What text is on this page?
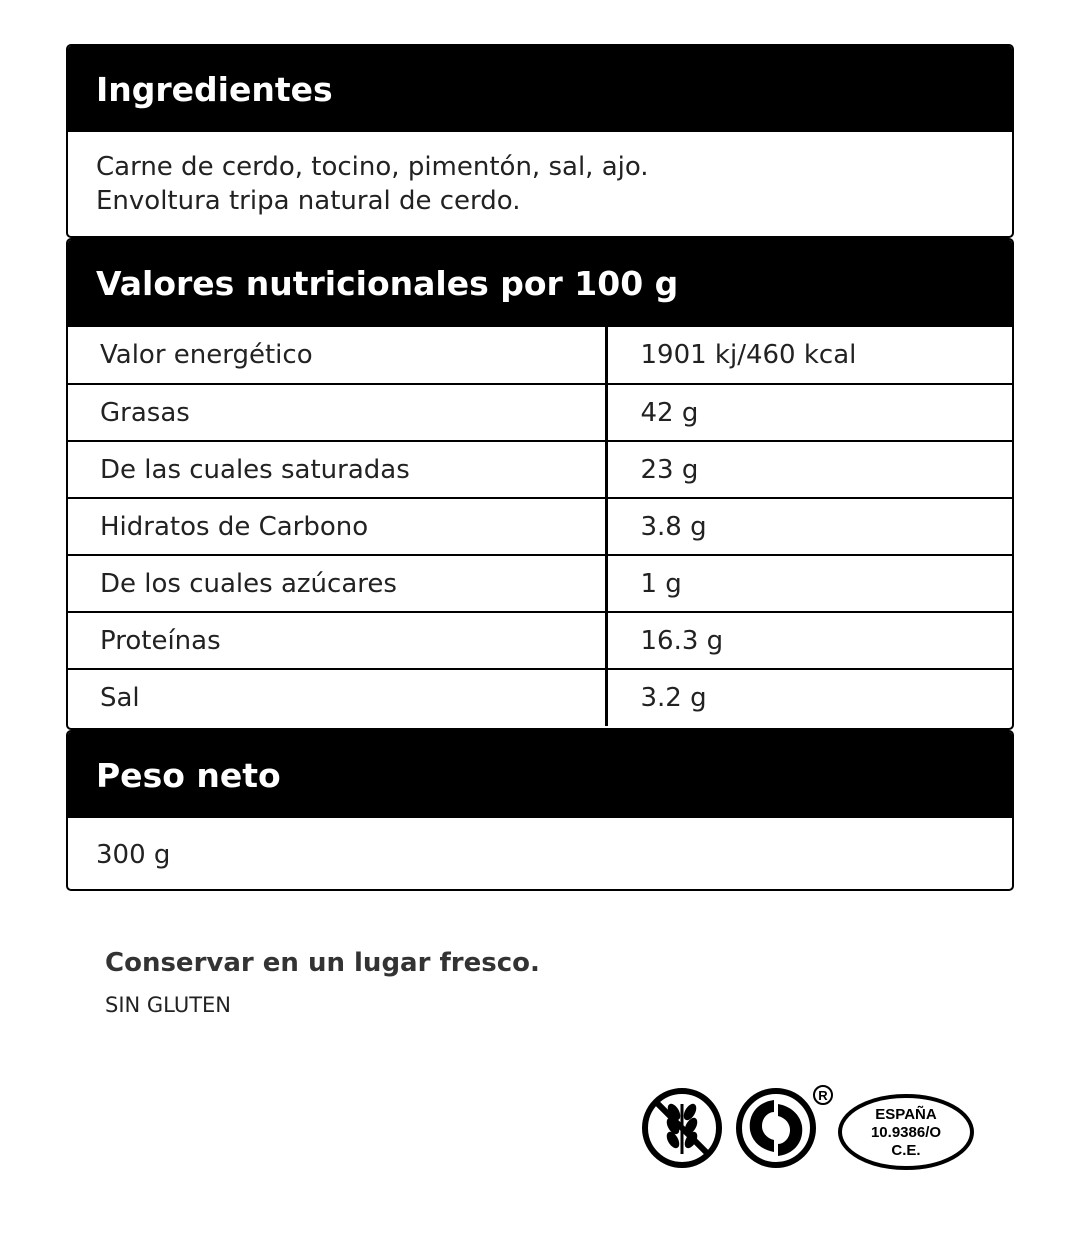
Ingredientes
Carne de cerdo, tocino, pimentón, sal, ajo.
Envoltura tripa natural de cerdo.
Valores nutricionales por 100 g
Valor energético	1901 kj/460 kcal
Grasas	42 g
De las cuales saturadas	23 g
Hidratos de Carbono	3.8 g
De los cuales azúcares	1 g
Proteínas	16.3 g
Sal	3.2 g
Peso neto
300 g
Conservar en un lugar fresco.
SIN GLUTEN
R
ESPAÑA
10.9386/O
C.E.
